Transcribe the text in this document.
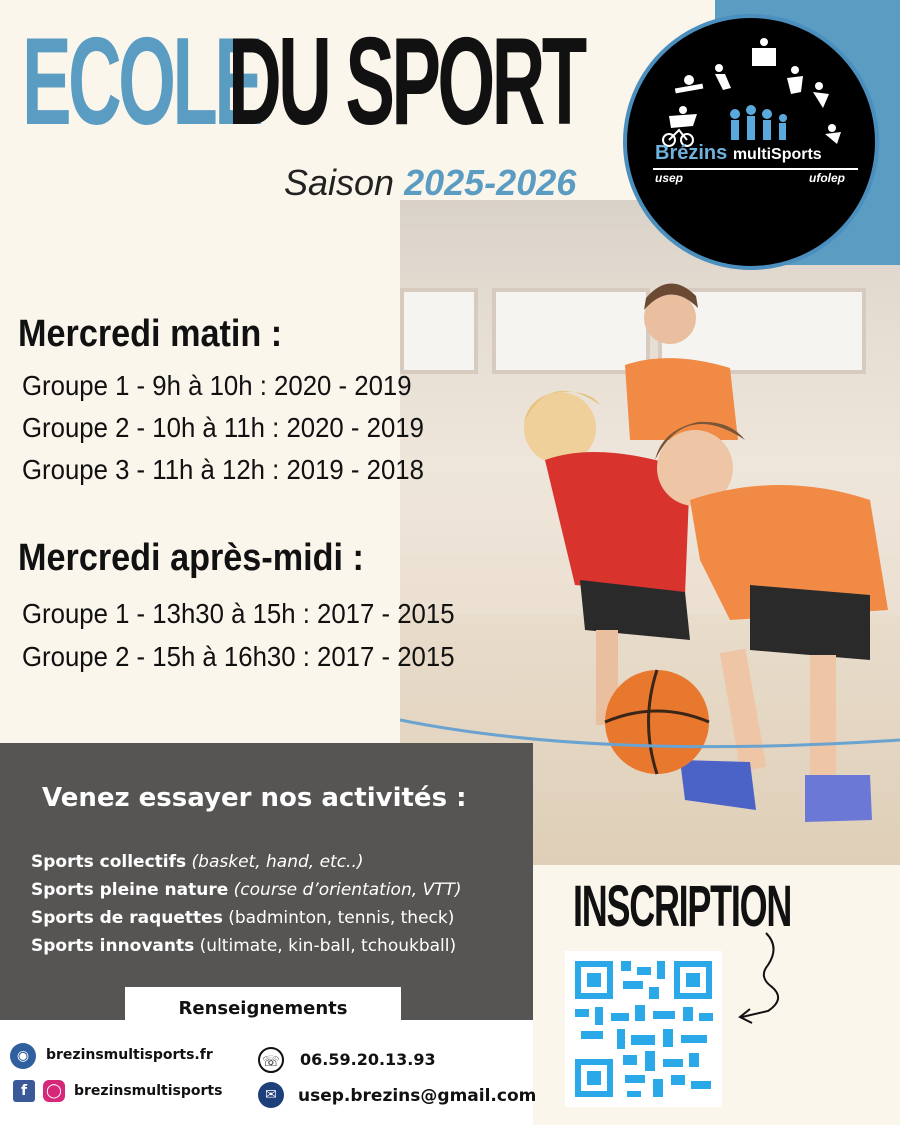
Brézins multiSports
usep	ufolep
ECOLE
DU SPORT
Saison 2025-2026
Mercredi matin :
Groupe 1 - 9h à 10h : 2020 - 2019
Groupe 2 - 10h à 11h : 2020 - 2019
Groupe 3 - 11h à 12h : 2019 - 2018
Mercredi après-midi :
Groupe 1 - 13h30 à 15h : 2017 - 2015
Groupe 2 - 15h à 16h30 : 2017 - 2015
Venez essayer nos activités :
Sports collectifs (basket, hand, etc..)
Sports pleine nature (course d’orientation, VTT)
Sports de raquettes (badminton, tennis, theck)
Sports innovants (ultimate, kin-ball, tchoukball)
Renseignements
◉	brezinsmultisports.fr
f	◯ brezinsmultisports
☏ 06.59.20.13.93
✉	usep.brezins@gmail.com
INSCRIPTION
